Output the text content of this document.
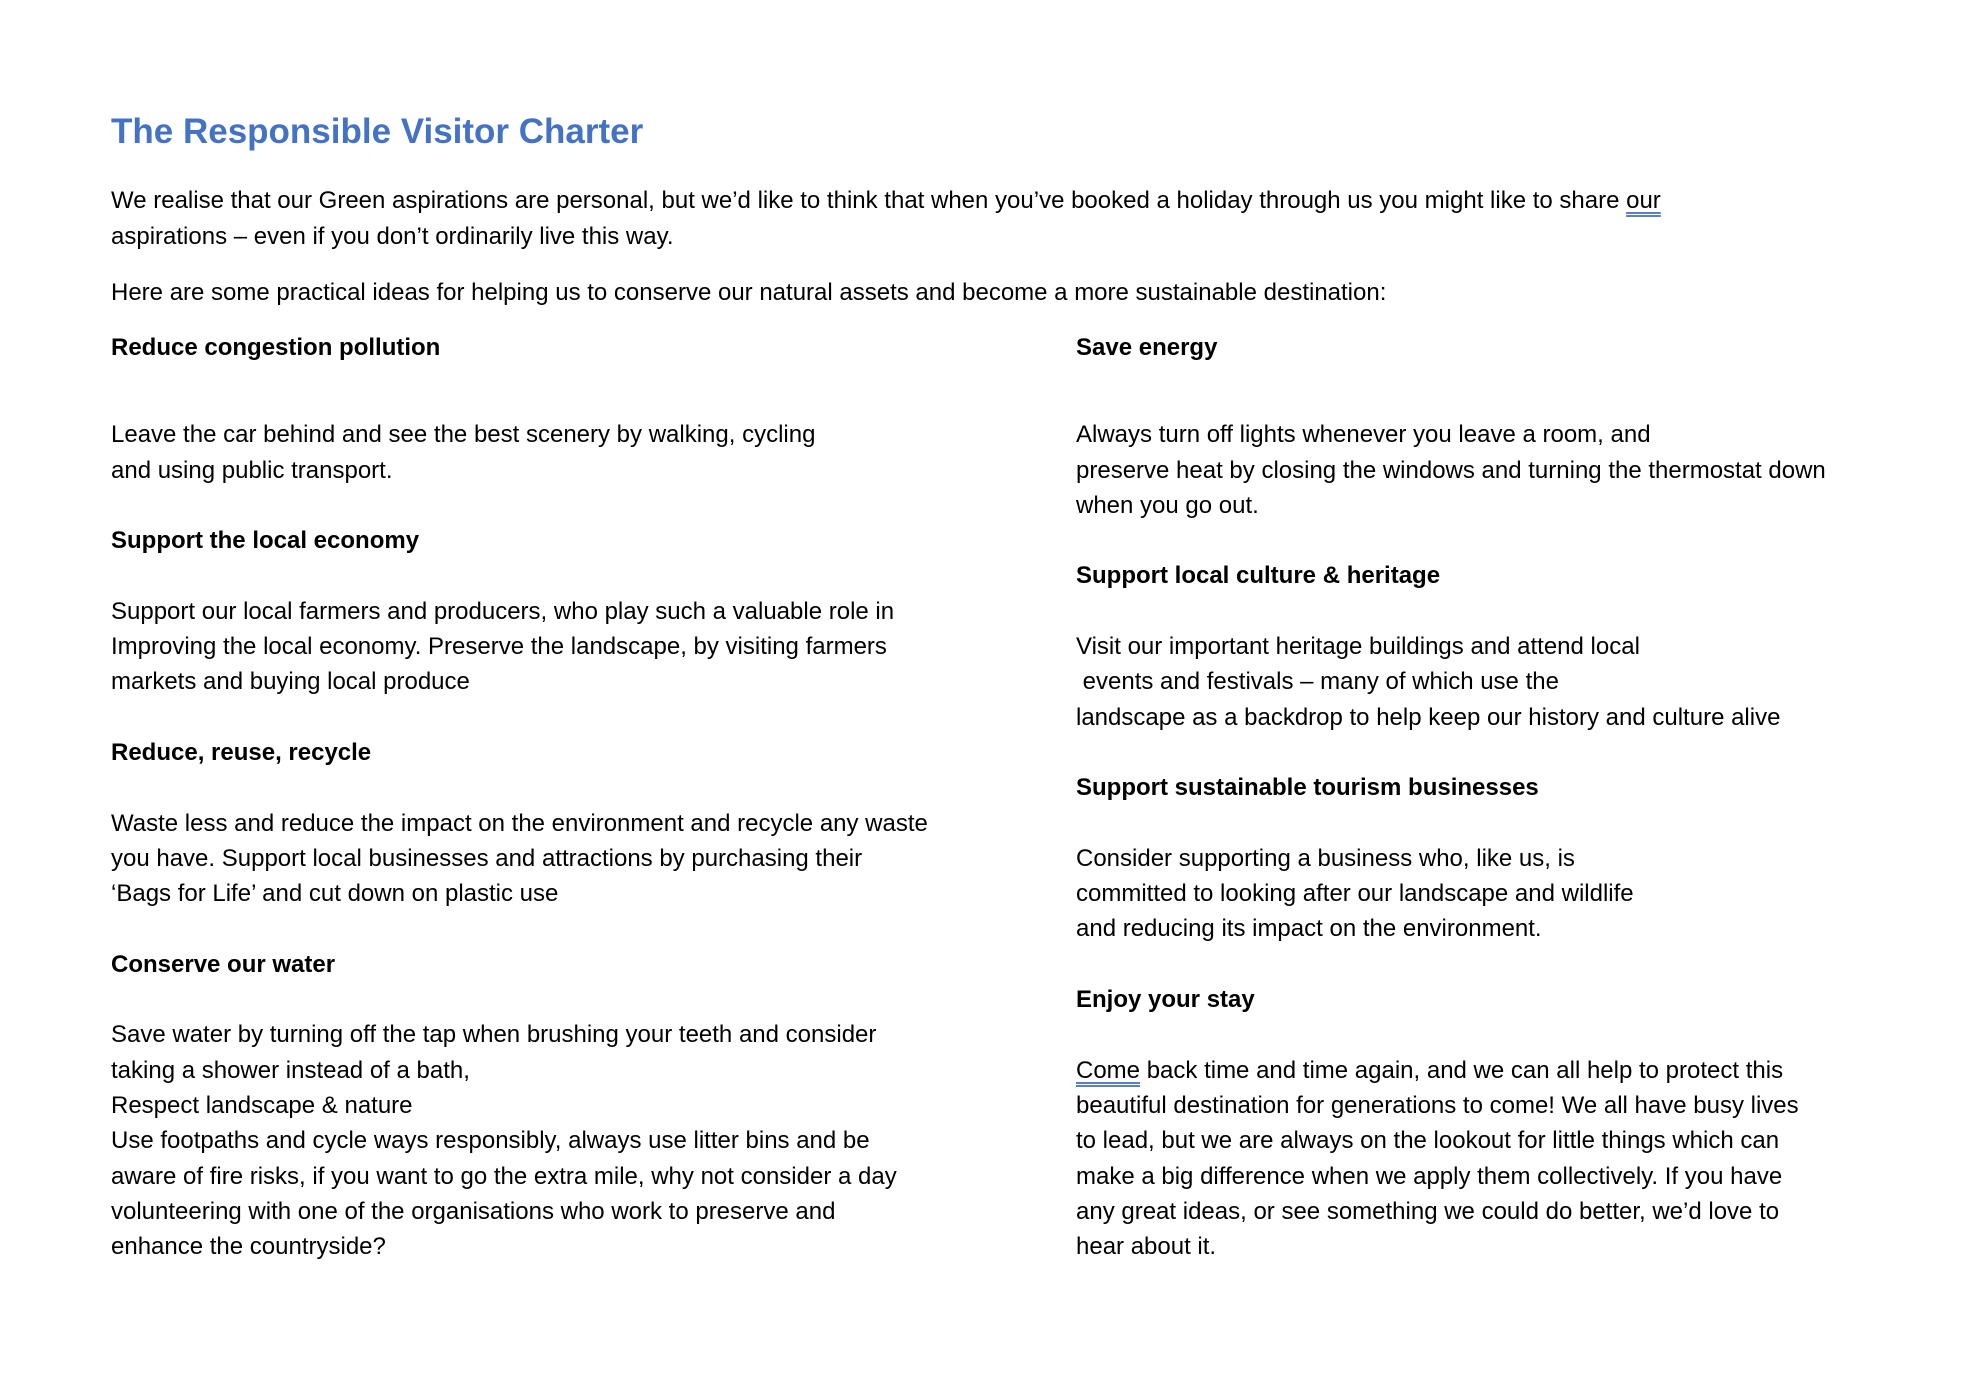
The Responsible Visitor Charter
We realise that our Green aspirations are personal, but we’d like to think that when you’ve booked a holiday through us you might like to share our
aspirations – even if you don’t ordinarily live this way.

Here are some practical ideas for helping us to conserve our natural assets and become a more sustainable destination:

Reduce congestion pollution
Leave the car behind and see the best scenery by walking, cycling
and using public transport.
Support the local economy
Support our local farmers and producers, who play such a valuable role in
Improving the local economy. Preserve the landscape, by visiting farmers
markets and buying local produce
Reduce, reuse, recycle
Waste less and reduce the impact on the environment and recycle any waste
you have. Support local businesses and attractions by purchasing their
‘Bags for Life’ and cut down on plastic use
Conserve our water
Save water by turning off the tap when brushing your teeth and consider
taking a shower instead of a bath,
Respect landscape & nature
Use footpaths and cycle ways responsibly, always use litter bins and be
aware of fire risks, if you want to go the extra mile, why not consider a day
volunteering with one of the organisations who work to preserve and
enhance the countryside?
Save energy
Always turn off lights whenever you leave a room, and
preserve heat by closing the windows and turning the thermostat down
when you go out.
Support local culture & heritage
Visit our important heritage buildings and attend local
events and festivals – many of which use the
landscape as a backdrop to help keep our history and culture alive
Support sustainable tourism businesses
Consider supporting a business who, like us, is
committed to looking after our landscape and wildlife
and reducing its impact on the environment.
Enjoy your stay
Come back time and time again, and we can all help to protect this
beautiful destination for generations to come! We all have busy lives
to lead, but we are always on the lookout for little things which can
make a big difference when we apply them collectively. If you have
any great ideas, or see something we could do better, we’d love to
hear about it.
